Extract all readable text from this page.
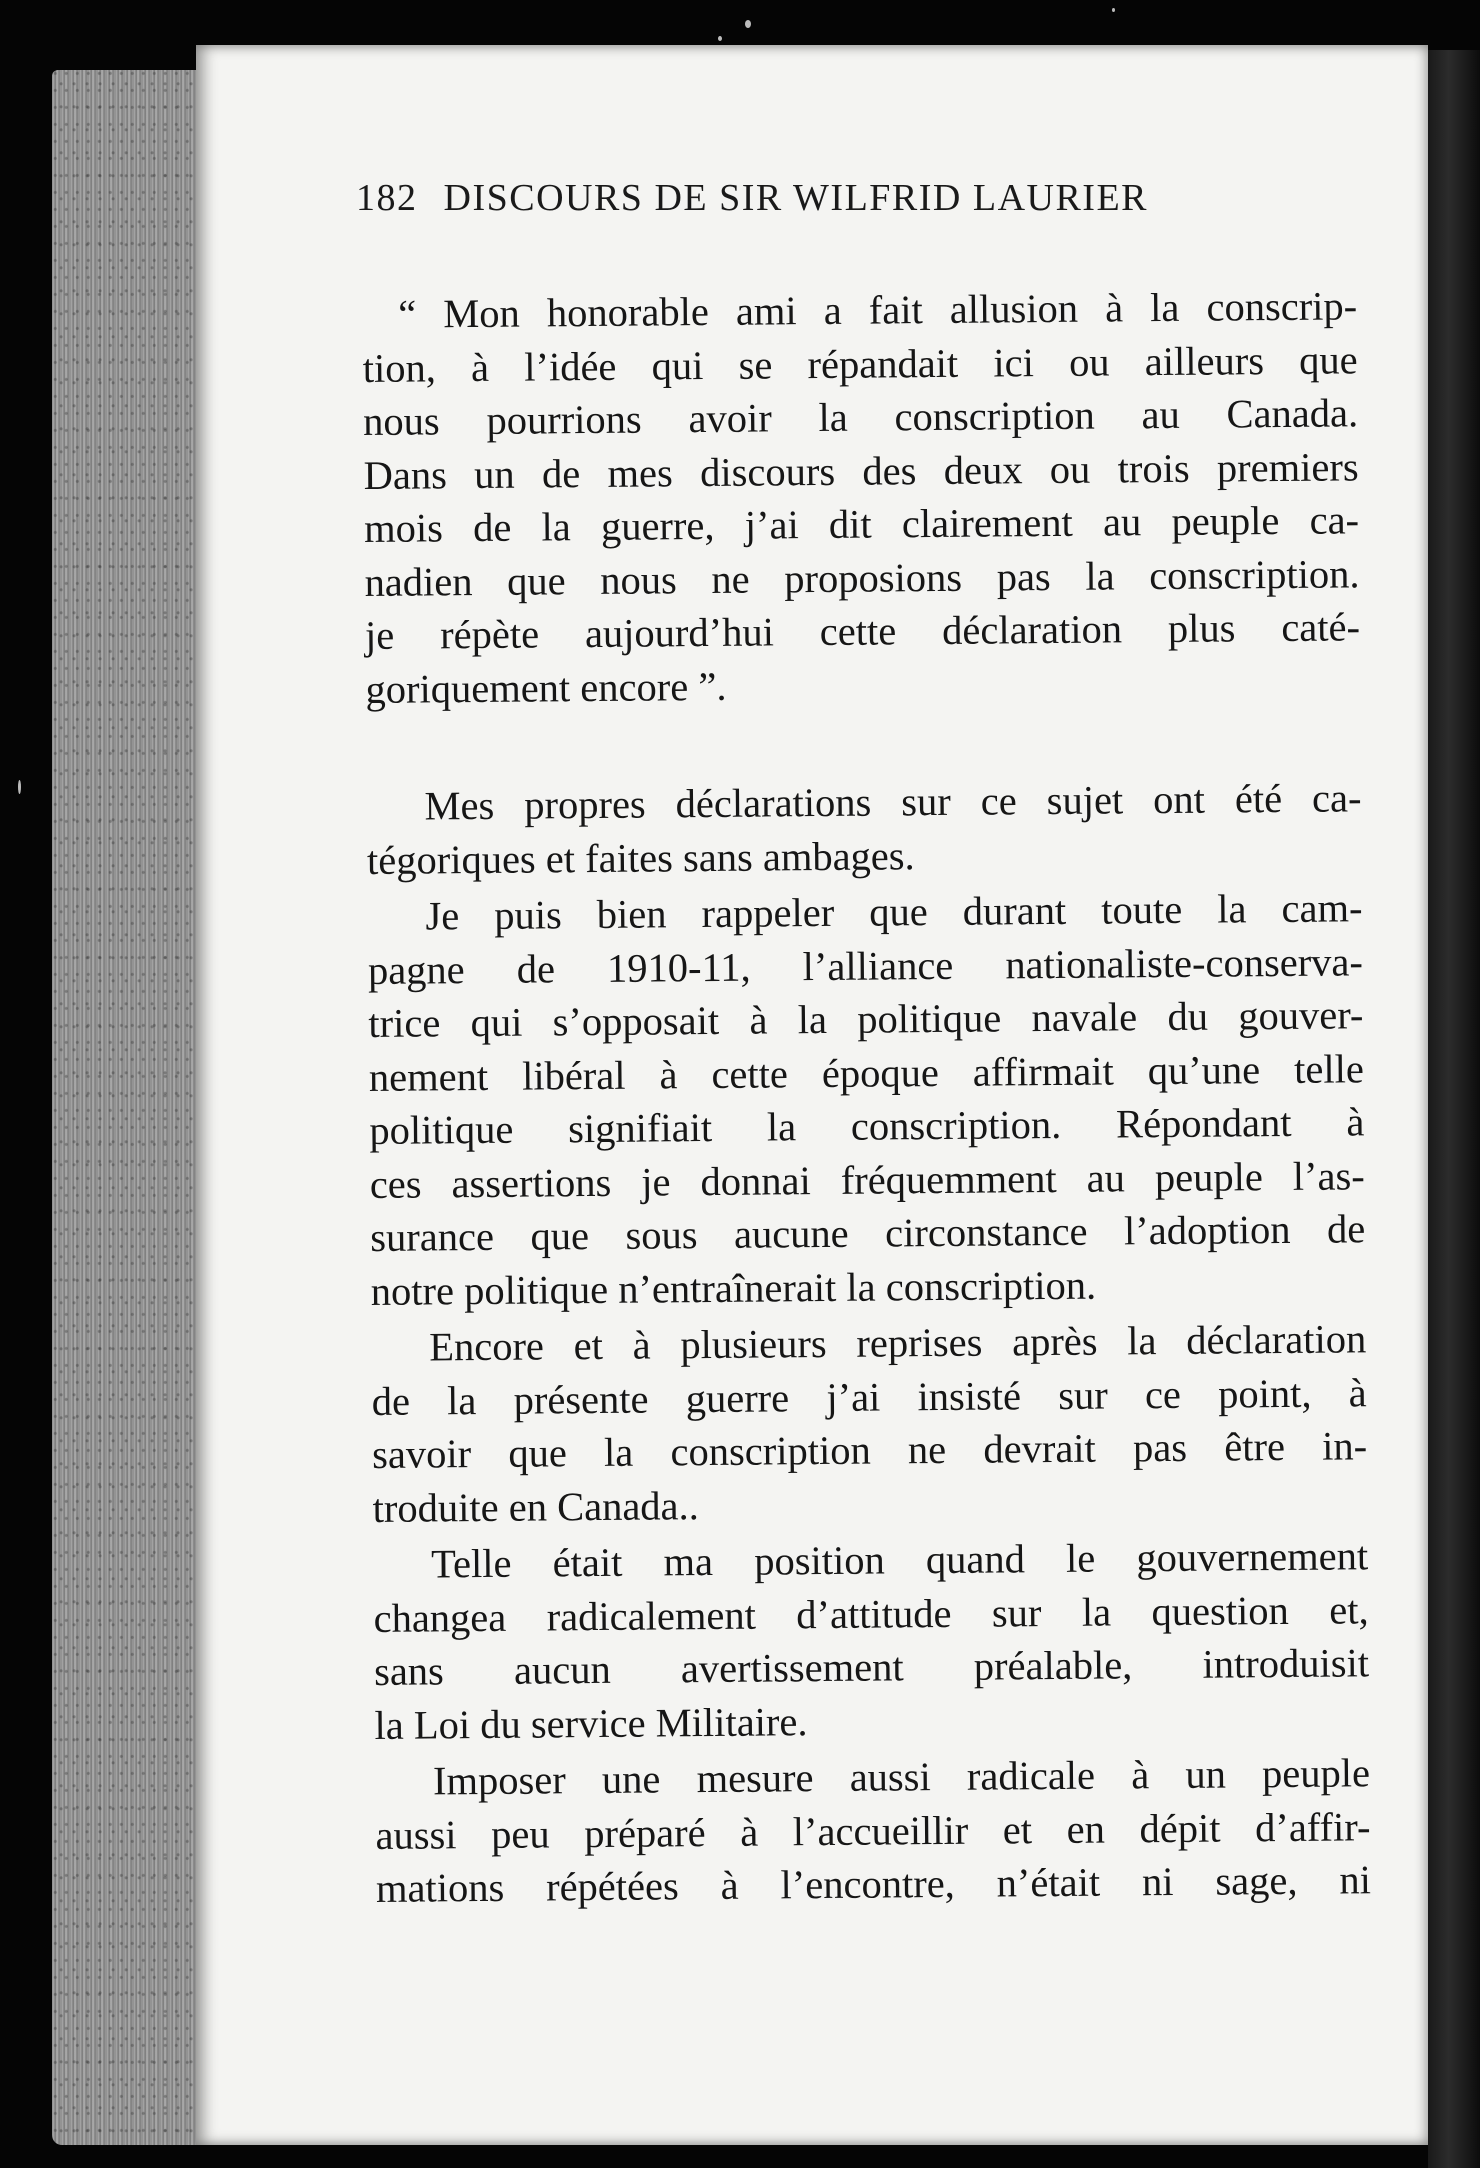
182 DISCOURS DE SIR WILFRID LAURIER

“ Mon honorable ami a fait allusion à la conscrip-
tion, à l’idée qui se répandait ici ou ailleurs que
nous pourrions avoir la conscription au Canada.
Dans un de mes discours des deux ou trois premiers
mois de la guerre, j’ai dit clairement au peuple ca-
nadien que nous ne proposions pas la conscription.
je répète aujourd’hui cette déclaration plus caté-
goriquement encore ”.

Mes propres déclarations sur ce sujet ont été ca-
tégoriques et faites sans ambages.

Je puis bien rappeler que durant toute la cam-
pagne de 1910-11, l’alliance nationaliste-conserva-
trice qui s’opposait à la politique navale du gouver-
nement libéral à cette époque affirmait qu’une telle
politique signifiait la conscription. Répondant à
ces assertions je donnai fréquemment au peuple l’as-
surance que sous aucune circonstance l’adoption de
notre politique n’entraînerait la conscription.

Encore et à plusieurs reprises après la déclaration
de la présente guerre j’ai insisté sur ce point, à
savoir que la conscription ne devrait pas être in-
troduite en Canada..

Telle était ma position quand le gouvernement
changea radicalement d’attitude sur la question et,
sans aucun avertissement préalable, introduisit
la Loi du service Militaire.

Imposer une mesure aussi radicale à un peuple
aussi peu préparé à l’accueillir et en dépit d’affir-
mations répétées à l’encontre, n’était ni sage, ni
